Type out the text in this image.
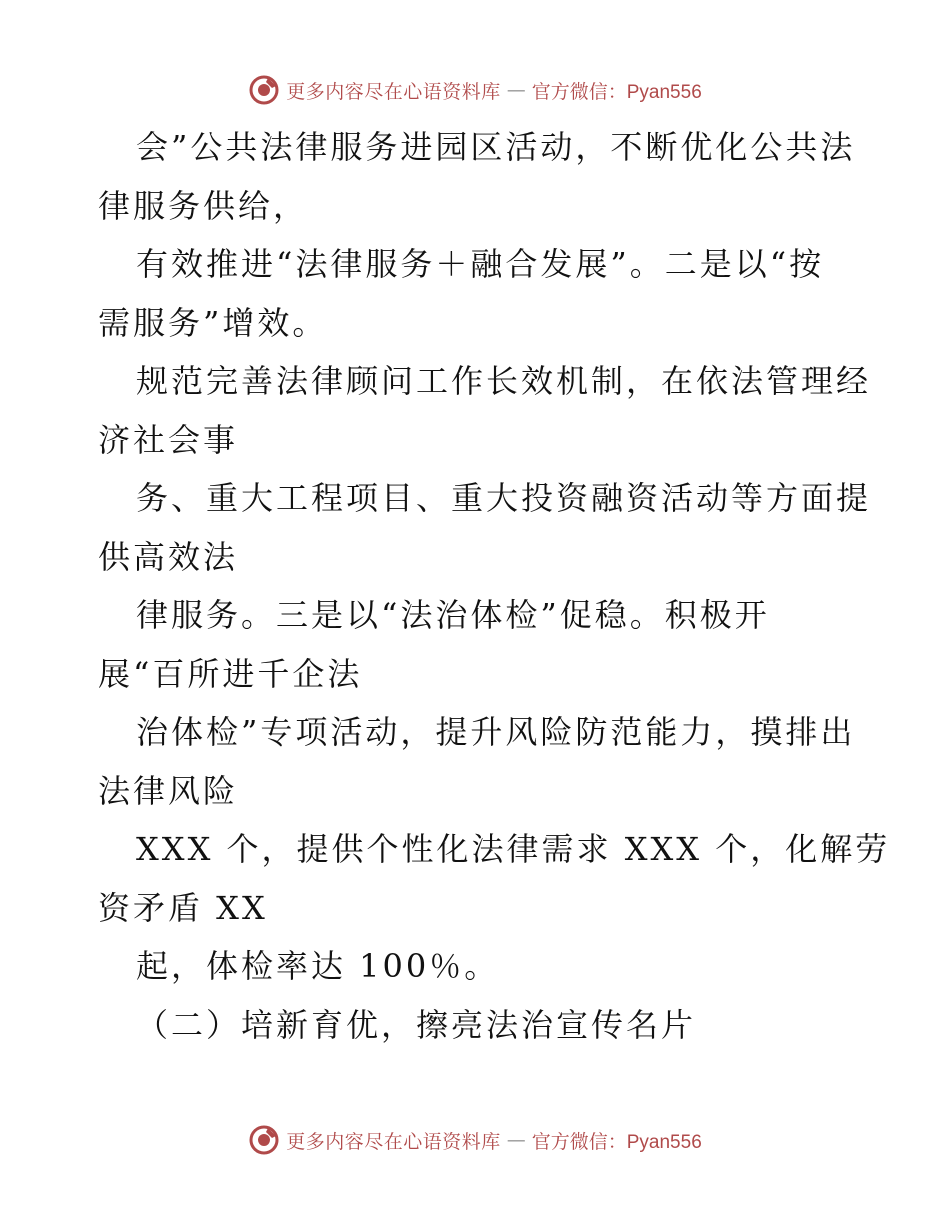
更多内容尽在心语资料库 — 官方微信：Pyan556
会”公共法律服务进园区活动，不断优化公共法
律服务供给，
有效推进“法律服务＋融合发展”。二是以“按
需服务”增效。
规范完善法律顾问工作长效机制，在依法管理经
济社会事
务、重大工程项目、重大投资融资活动等方面提
供高效法
律服务。三是以“法治体检”促稳。积极开
展“百所进千企法
治体检”专项活动，提升风险防范能力，摸排出
法律风险
XXX 个，提供个性化法律需求 XXX 个，化解劳
资矛盾 XX
起，体检率达 100％。
（二）培新育优，擦亮法治宣传名片
更多内容尽在心语资料库 — 官方微信：Pyan556
